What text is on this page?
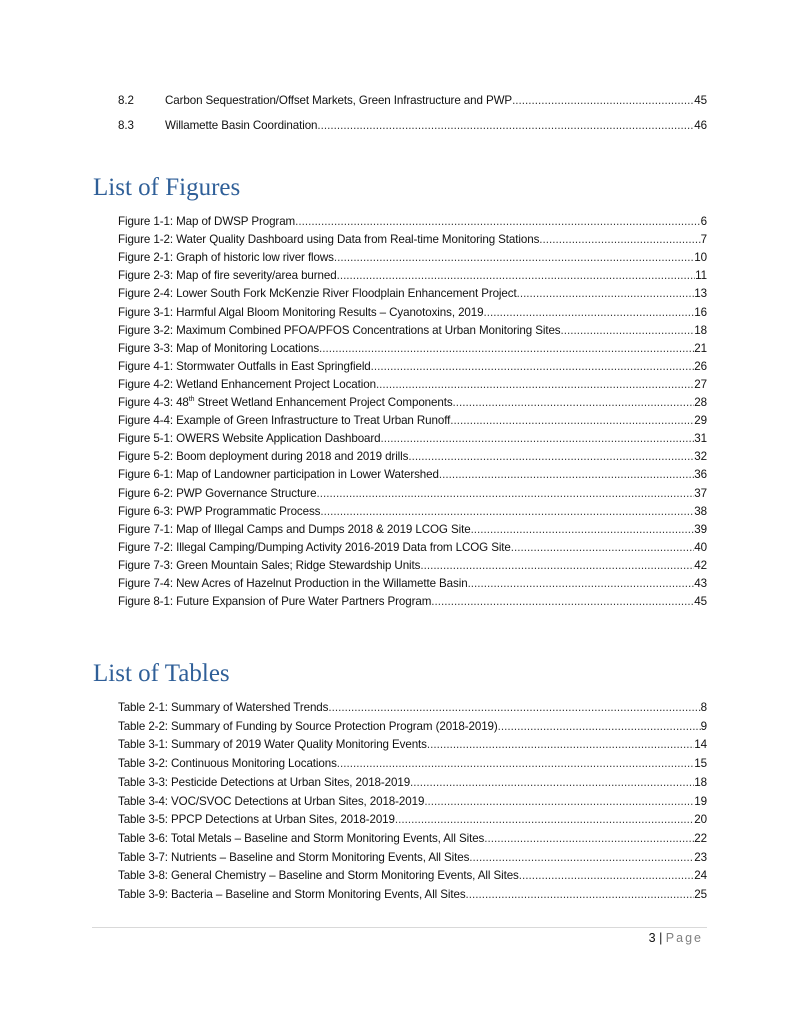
8.2	Carbon Sequestration/Offset Markets, Green Infrastructure and PWP . . .	45
8.3	Willamette Basin Coordination . . .	46
List of Figures
Figure 1-1: Map of DWSP Program . . .	6
Figure 1-2: Water Quality Dashboard using Data from Real-time Monitoring Stations . . .	7
Figure 2-1: Graph of historic low river flows . . .	10
Figure 2-3: Map of fire severity/area burned . . .	11
Figure 2-4: Lower South Fork McKenzie River Floodplain Enhancement Project . . .	13
Figure 3-1: Harmful Algal Bloom Monitoring Results – Cyanotoxins, 2019 . . .	16
Figure 3-2: Maximum Combined PFOA/PFOS Concentrations at Urban Monitoring Sites . . .	18
Figure 3-3: Map of Monitoring Locations . . .	21
Figure 4-1: Stormwater Outfalls in East Springfield . . .	26
Figure 4-2: Wetland Enhancement Project Location . . .	27
Figure 4-3: 48th Street Wetland Enhancement Project Components . . .	28
Figure 4-4: Example of Green Infrastructure to Treat Urban Runoff . . .	29
Figure 5-1: OWERS Website Application Dashboard . . .	31
Figure 5-2: Boom deployment during 2018 and 2019 drills . . .	32
Figure 6-1: Map of Landowner participation in Lower Watershed . . .	36
Figure 6-2: PWP Governance Structure . . .	37
Figure 6-3: PWP Programmatic Process . . .	38
Figure 7-1: Map of Illegal Camps and Dumps 2018 & 2019 LCOG Site . . .	39
Figure 7-2: Illegal Camping/Dumping Activity 2016-2019 Data from LCOG Site . . .	40
Figure 7-3: Green Mountain Sales; Ridge Stewardship Units . . .	42
Figure 7-4: New Acres of Hazelnut Production in the Willamette Basin . . .	43
Figure 8-1: Future Expansion of Pure Water Partners Program . . .	45
List of Tables
Table 2-1: Summary of Watershed Trends . . .	8
Table 2-2: Summary of Funding by Source Protection Program (2018-2019) . . .	9
Table 3-1: Summary of 2019 Water Quality Monitoring Events . . .	14
Table 3-2: Continuous Monitoring Locations . . .	15
Table 3-3: Pesticide Detections at Urban Sites, 2018-2019 . . .	18
Table 3-4: VOC/SVOC Detections at Urban Sites, 2018-2019 . . .	19
Table 3-5: PPCP Detections at Urban Sites, 2018-2019 . . .	20
Table 3-6: Total Metals – Baseline and Storm Monitoring Events, All Sites . . .	22
Table 3-7: Nutrients – Baseline and Storm Monitoring Events, All Sites . . .	23
Table 3-8: General Chemistry – Baseline and Storm Monitoring Events, All Sites . . .	24
Table 3-9: Bacteria – Baseline and Storm Monitoring Events, All Sites . . .	25
3 | Page
